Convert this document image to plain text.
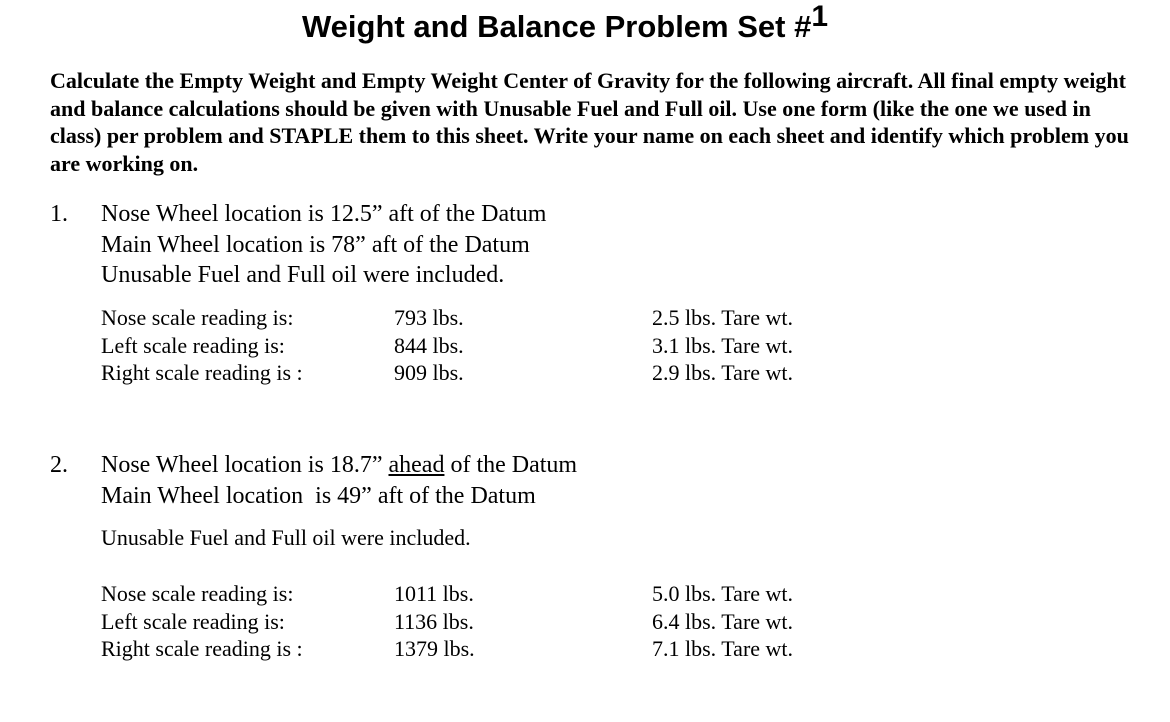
Weight and Balance Problem Set #$^1$

Calculate the Empty Weight and Empty Weight Center of Gravity for the following aircraft. All final empty weight and balance calculations should be given with Unusable Fuel and Full oil. Use one form (like the one we used in class) per problem and STAPLE them to this sheet. Write your name on each sheet and identify which problem you are working on.

1. Nose Wheel location is 12.5” aft of the Datum
Main Wheel location is 78” aft of the Datum
Unusable Fuel and Full oil were included.
Nose scale reading is:	793 lbs.	2.5 lbs. Tare wt.
Left scale reading is:	844 lbs.	3.1 lbs. Tare wt.
Right scale reading is :	909 lbs.	2.9 lbs. Tare wt.
2. Nose Wheel location is 18.7” ahead of the Datum
Main Wheel location  is 49” aft of the Datum
Unusable Fuel and Full oil were included.
Nose scale reading is:	1011 lbs.	5.0 lbs. Tare wt.
Left scale reading is:	1136 lbs.	6.4 lbs. Tare wt.
Right scale reading is :	1379 lbs.	7.1 lbs. Tare wt.
